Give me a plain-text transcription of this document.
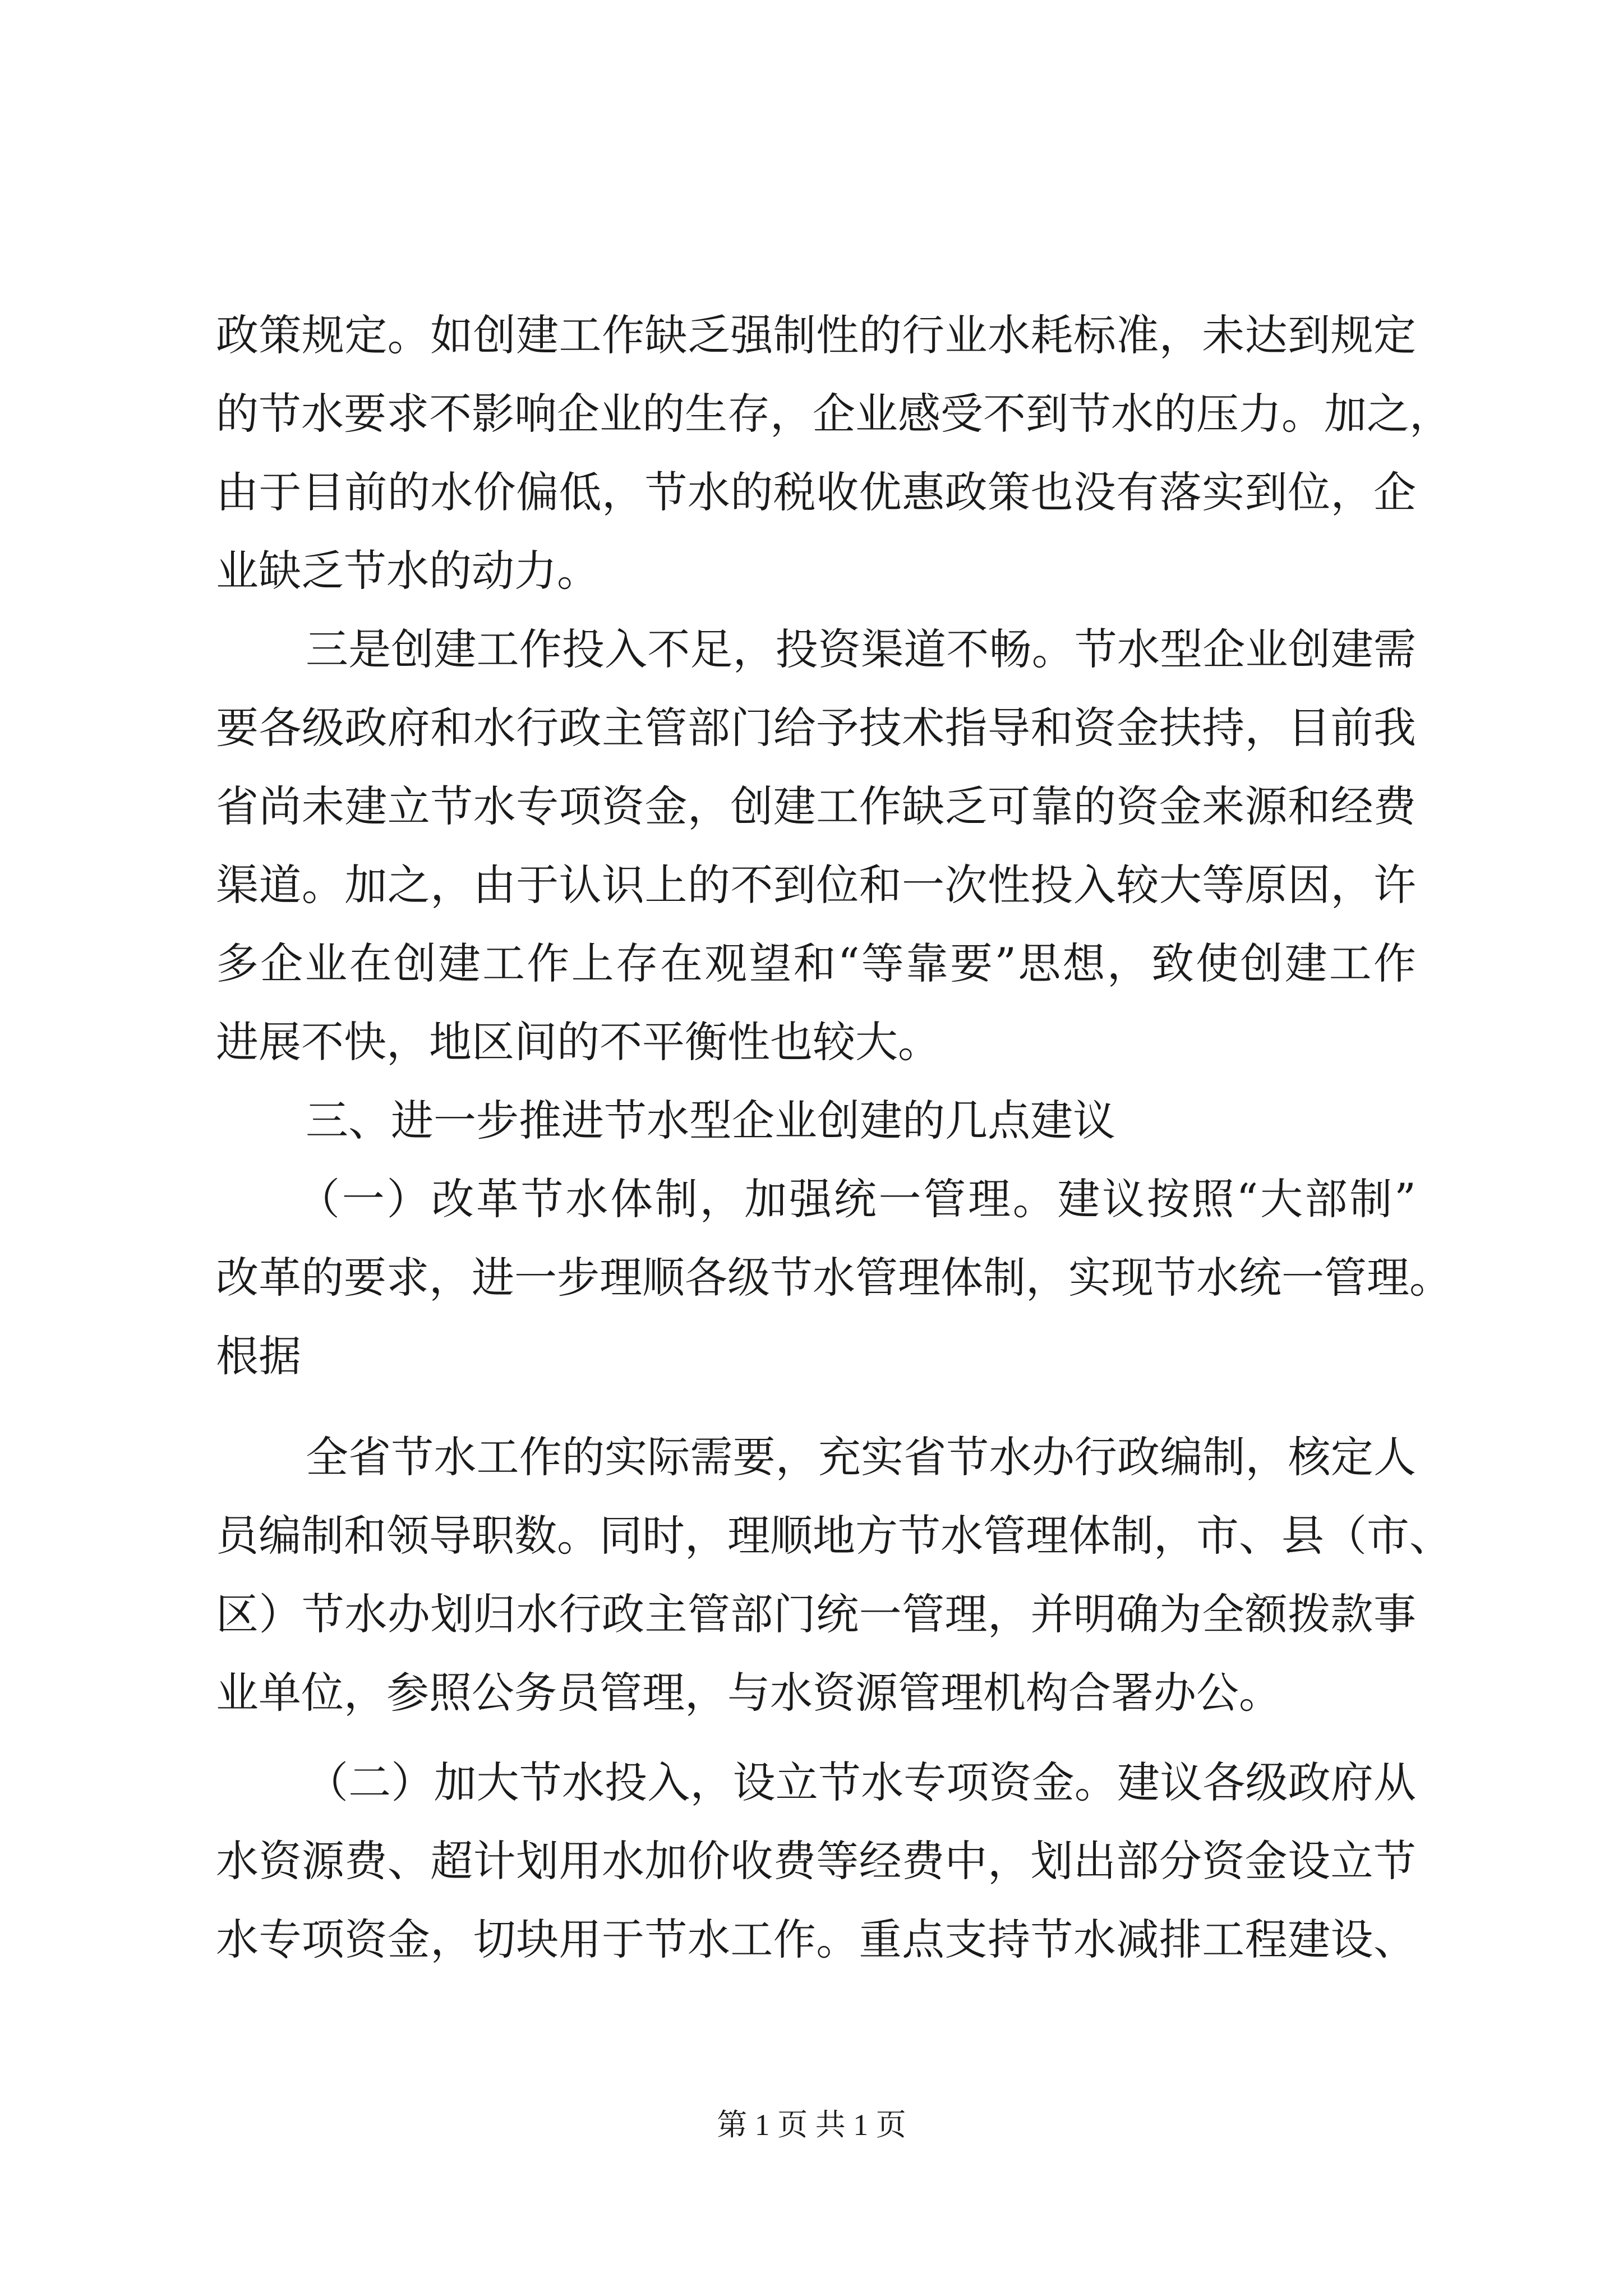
政策规定。如创建工作缺乏强制性的行业水耗标准，未达到规定
的节水要求不影响企业的生存，企业感受不到节水的压力。加之，
由于目前的水价偏低，节水的税收优惠政策也没有落实到位，企
业缺乏节水的动力。
三是创建工作投入不足，投资渠道不畅。节水型企业创建需
要各级政府和水行政主管部门给予技术指导和资金扶持，目前我
省尚未建立节水专项资金，创建工作缺乏可靠的资金来源和经费
渠道。加之，由于认识上的不到位和一次性投入较大等原因，许
多企业在创建工作上存在观望和“等靠要”思想，致使创建工作
进展不快，地区间的不平衡性也较大。
三、进一步推进节水型企业创建的几点建议
（一）改革节水体制，加强统一管理。建议按照“大部制”
改革的要求，进一步理顺各级节水管理体制，实现节水统一管理。
根据
全省节水工作的实际需要，充实省节水办行政编制，核定人
员编制和领导职数。同时，理顺地方节水管理体制，市、县（市、
区）节水办划归水行政主管部门统一管理，并明确为全额拨款事
业单位，参照公务员管理，与水资源管理机构合署办公。
（二）加大节水投入，设立节水专项资金。建议各级政府从
水资源费、超计划用水加价收费等经费中，划出部分资金设立节
水专项资金，切块用于节水工作。重点支持节水减排工程建设、
第 1 页 共 1 页
